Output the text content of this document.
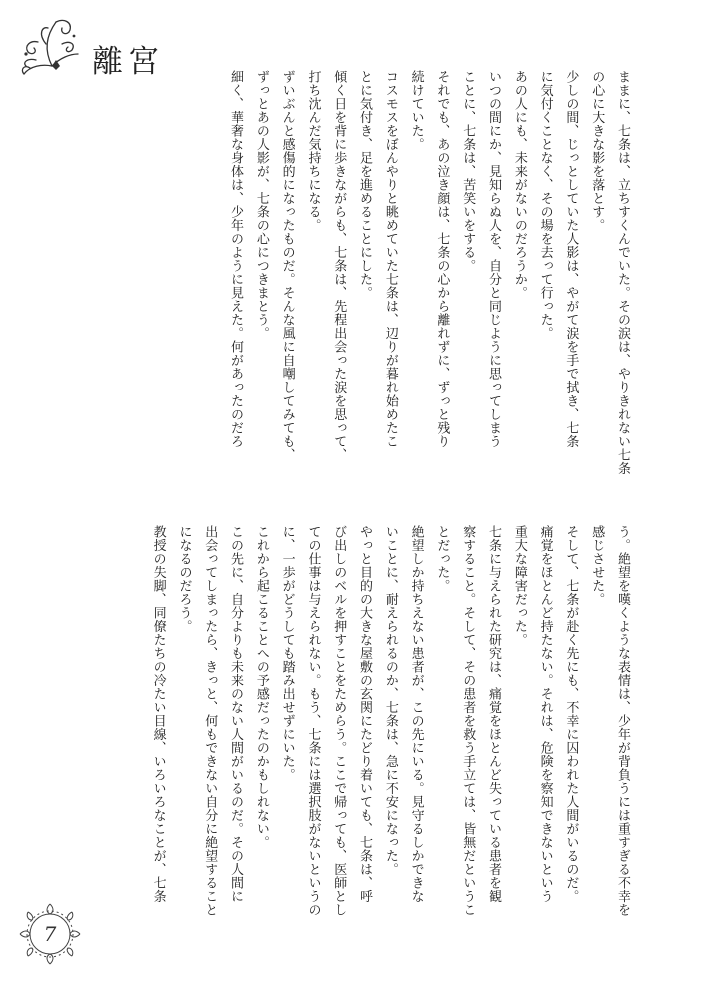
離宮

ままに、七条は、立ちすくんでいた。その涙は、やりきれない七条

の心に大きな影を落とす。

少しの間、じっとしていた人影は、やがて涙を手で拭き、七条

に気付くことなく、その場を去って行った。

あの人にも、未来がないのだろうか。

いつの間にか、見知らぬ人を、自分と同じように思ってしまう

ことに、七条は、苦笑いをする。

それでも、あの泣き顔は、七条の心から離れずに、ずっと残り

続けていた。

コスモスをぼんやりと眺めていた七条は、辺りが暮れ始めたこ

とに気付き、足を進めることにした。

傾く日を背に歩きながらも、七条は、先程出会った涙を思って、

打ち沈んだ気持ちになる。

ずいぶんと感傷的になったものだ。そんな風に自嘲してみても、

ずっとあの人影が、七条の心につきまとう。

細く、華奢な身体は、少年のように見えた。何があったのだろ

う。絶望を嘆くような表情は、少年が背負うには重すぎる不幸を

感じさせた。

そして、七条が赴く先にも、不幸に囚われた人間がいるのだ。

痛覚をほとんど持たない。それは、危険を察知できないという

重大な障害だった。

七条に与えられた研究は、痛覚をほとんど失っている患者を観

察すること。そして、その患者を救う手立ては、皆無だというこ

とだった。

絶望しか持ちえない患者が、この先にいる。見守るしかできな

いことに、耐えられるのか、七条は、急に不安になった。

やっと目的の大きな屋敷の玄関にたどり着いても、七条は、呼

び出しのベルを押すことをためらう。ここで帰っても、医師とし

ての仕事は与えられない。もう、七条には選択肢がないというの

に、一歩がどうしても踏み出せずにいた。

これから起こることへの予感だったのかもしれない。

この先に、自分よりも未来のない人間がいるのだ。その人間に

出会ってしまったら、きっと、何もできない自分に絶望すること

になるのだろう。

教授の失脚、同僚たちの冷たい目線、いろいろなことが、七条

7
